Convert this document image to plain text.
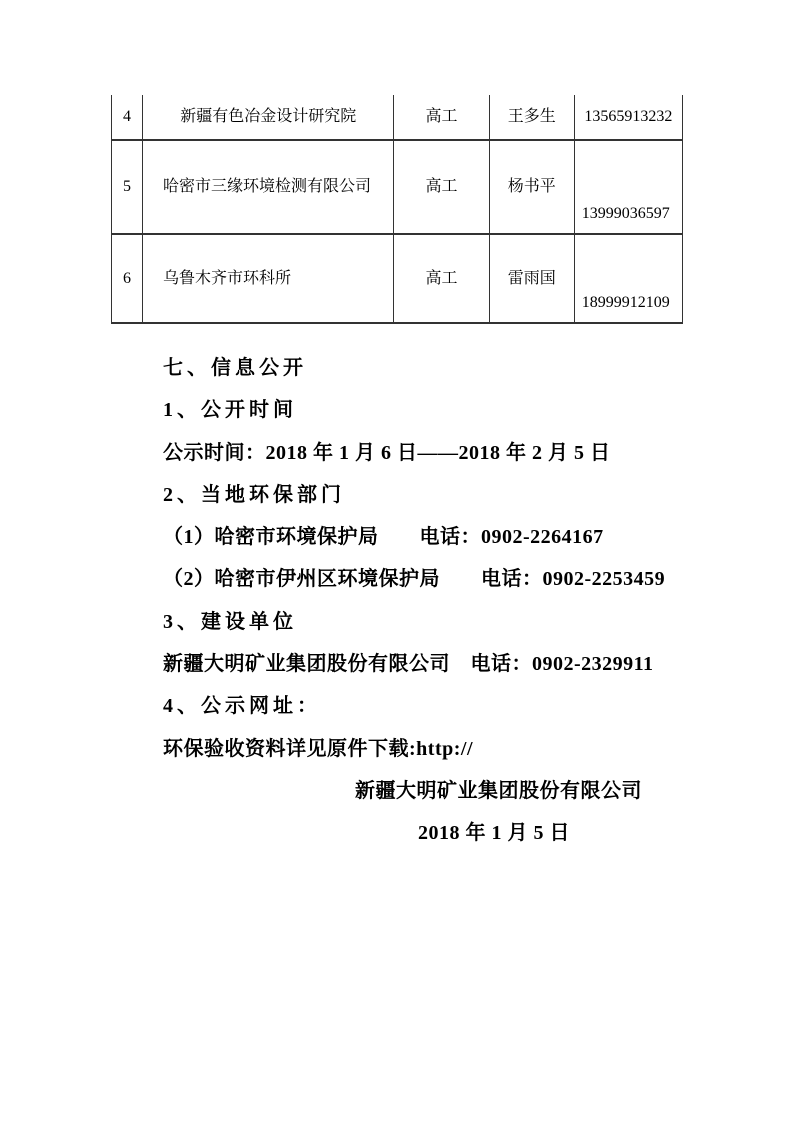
4	新疆有色冶金设计研究院	高工	王多生	13565913232
5	哈密市三缘环境检测有限公司	高工	杨书平	13999036597
6	乌鲁木齐市环科所	高工	雷雨国	18999912109

七、信息公开

1、公开时间

公示时间：2018 年 1 月 6 日——2018 年 2 月 5 日

2、当地环保部门

（1）哈密市环境保护局　　电话：0902-2264167

（2）哈密市伊州区环境保护局　　电话：0902-2253459

3、建设单位

新疆大明矿业集团股份有限公司　电话：0902-2329911

4、公示网址：

环保验收资料详见原件下载:http://

新疆大明矿业集团股份有限公司

2018 年 1 月 5 日
